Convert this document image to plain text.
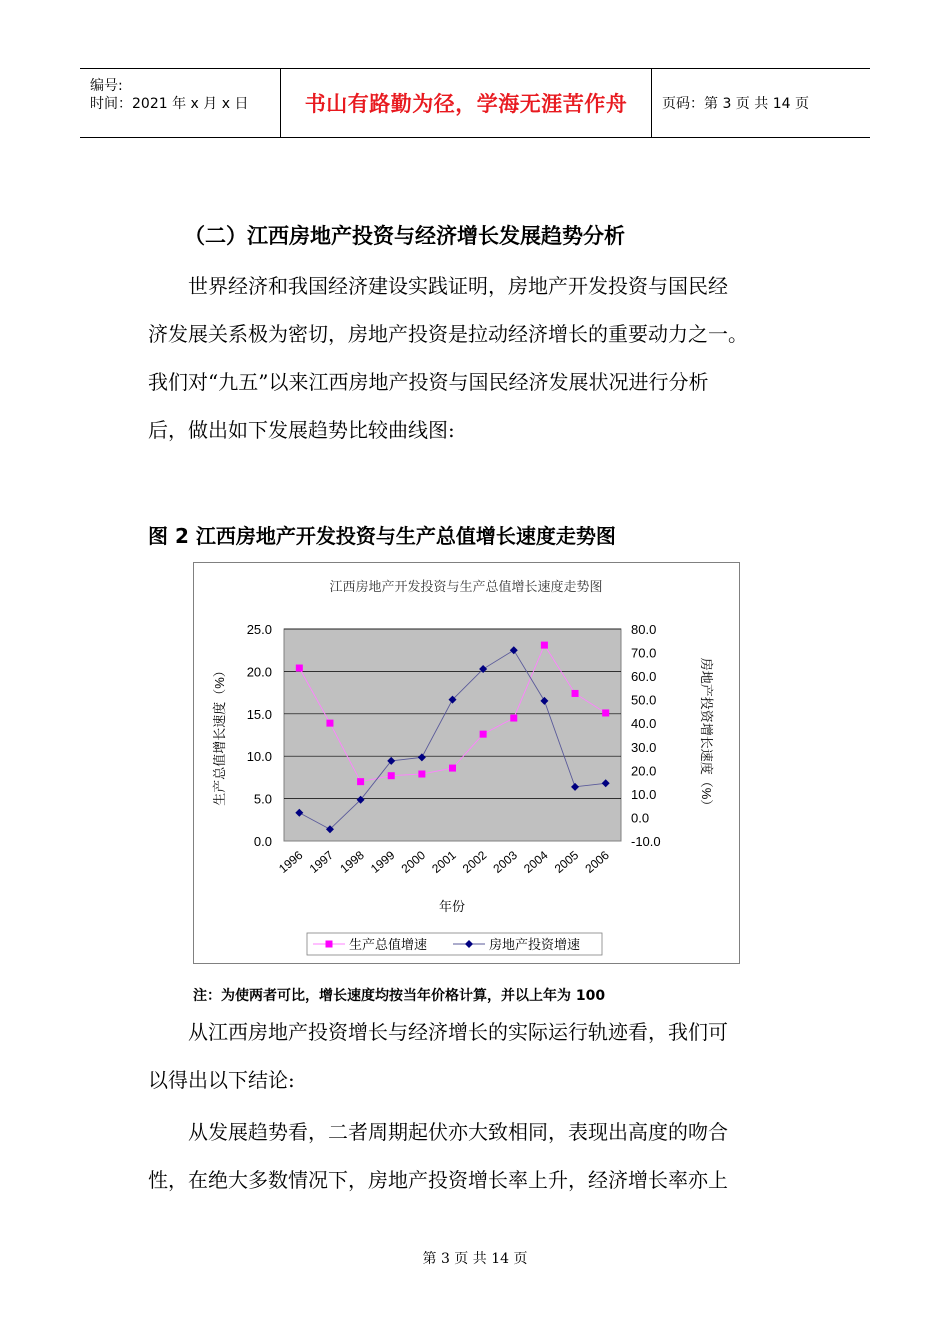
编号:
时间：2021 年 x 月 x 日	书山有路勤为径，学海无涯苦作舟 页码：第 3 页 共 14 页
（二）江西房地产投资与经济增长发展趋势分析

世界经济和我国经济建设实践证明，房地产开发投资与国民经

济发展关系极为密切，房地产投资是拉动经济增长的重要动力之一。

我们对“九五”以来江西房地产投资与国民经济发展状况进行分析

后，做出如下发展趋势比较曲线图:

图 2 江西房地产开发投资与生产总值增长速度走势图
江西房地产开发投资与生产总值增长速度走势图
25.0
20.0
15.0
10.0
5.0
0.0
80.0
70.0
60.0
50.0
40.0
30.0
20.0
10.0
0.0
-10.0
1996 1997 1998 1999 2000 2001 2002 2003 2004 2005 2006
年份
生产总值增长速度（%）	房地产投资增长速度（%）
生产总值增速	房地产投资增速
注：为使两者可比，增长速度均按当年价格计算，并以上年为 100

从江西房地产投资增长与经济增长的实际运行轨迹看，我们可

以得出以下结论:

从发展趋势看，二者周期起伏亦大致相同，表现出高度的吻合

性，在绝大多数情况下，房地产投资增长率上升，经济增长率亦上

第 3 页 共 14 页
